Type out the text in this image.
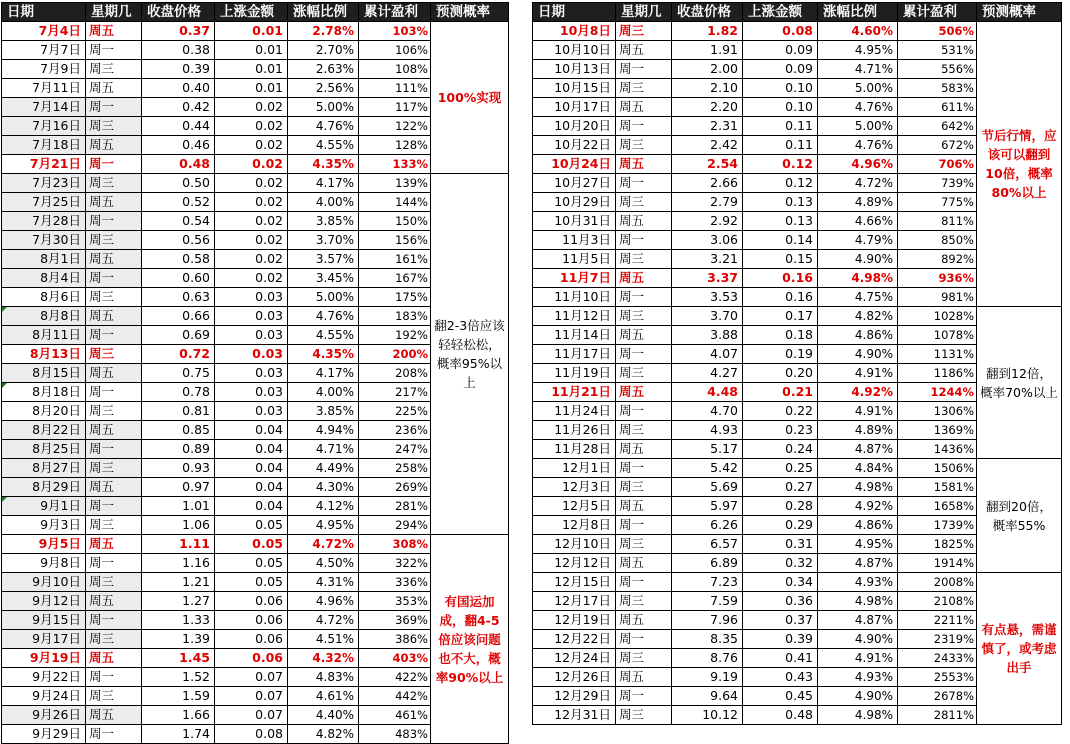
日期	星期几	收盘价格	上涨金额	涨幅比例	累计盈利	预测概率
7月4日	周五	0.37	0.01	2.78%	103%	100%实现
7月7日	周一	0.38	0.01	2.70%	106%	
7月9日	周三	0.39	0.01	2.63%	108%	
7月11日	周五	0.40	0.01	2.56%	111%	
7月14日	周一	0.42	0.02	5.00%	117%	
7月16日	周三	0.44	0.02	4.76%	122%	
7月18日	周五	0.46	0.02	4.55%	128%	
7月21日	周一	0.48	0.02	4.35%	133%	
7月23日	周三	0.50	0.02	4.17%	139%	翻2-3倍应该轻轻松松，概率95%以上
7月25日	周五	0.52	0.02	4.00%	144%	
7月28日	周一	0.54	0.02	3.85%	150%	
7月30日	周三	0.56	0.02	3.70%	156%	
8月1日	周五	0.58	0.02	3.57%	161%	
8月4日	周一	0.60	0.02	3.45%	167%	
8月6日	周三	0.63	0.03	5.00%	175%	
8月8日	周五	0.66	0.03	4.76%	183%	
8月11日	周一	0.69	0.03	4.55%	192%	
8月13日	周三	0.72	0.03	4.35%	200%	
8月15日	周五	0.75	0.03	4.17%	208%	
8月18日	周一	0.78	0.03	4.00%	217%	
8月20日	周三	0.81	0.03	3.85%	225%	
8月22日	周五	0.85	0.04	4.94%	236%	
8月25日	周一	0.89	0.04	4.71%	247%	
8月27日	周三	0.93	0.04	4.49%	258%	
8月29日	周五	0.97	0.04	4.30%	269%	
9月1日	周一	1.01	0.04	4.12%	281%	
9月3日	周三	1.06	0.05	4.95%	294%	
9月5日	周五	1.11	0.05	4.72%	308%	有国运加成，翻4-5倍应该问题也不大，概率90%以上
9月8日	周一	1.16	0.05	4.50%	322%	
9月10日	周三	1.21	0.05	4.31%	336%	
9月12日	周五	1.27	0.06	4.96%	353%	
9月15日	周一	1.33	0.06	4.72%	369%	
9月17日	周三	1.39	0.06	4.51%	386%	
9月19日	周五	1.45	0.06	4.32%	403%	
9月22日	周一	1.52	0.07	4.83%	422%	
9月24日	周三	1.59	0.07	4.61%	442%	
9月26日	周五	1.66	0.07	4.40%	461%	
9月29日	周一	1.74	0.08	4.82%	483%	
日期	星期几	收盘价格	上涨金额	涨幅比例	累计盈利	预测概率
10月8日	周三	1.82	0.08	4.60%	506%	节后行情，应该可以翻到10倍，概率80%以上
10月10日	周五	1.91	0.09	4.95%	531%	
10月13日	周一	2.00	0.09	4.71%	556%	
10月15日	周三	2.10	0.10	5.00%	583%	
10月17日	周五	2.20	0.10	4.76%	611%	
10月20日	周一	2.31	0.11	5.00%	642%	
10月22日	周三	2.42	0.11	4.76%	672%	
10月24日	周五	2.54	0.12	4.96%	706%	
10月27日	周一	2.66	0.12	4.72%	739%	
10月29日	周三	2.79	0.13	4.89%	775%	
10月31日	周五	2.92	0.13	4.66%	811%	
11月3日	周一	3.06	0.14	4.79%	850%	
11月5日	周三	3.21	0.15	4.90%	892%	
11月7日	周五	3.37	0.16	4.98%	936%	
11月10日	周一	3.53	0.16	4.75%	981%	
11月12日	周三	3.70	0.17	4.82%	1028%	翻到12倍，概率70%以上
11月14日	周五	3.88	0.18	4.86%	1078%	
11月17日	周一	4.07	0.19	4.90%	1131%	
11月19日	周三	4.27	0.20	4.91%	1186%	
11月21日	周五	4.48	0.21	4.92%	1244%	
11月24日	周一	4.70	0.22	4.91%	1306%	
11月26日	周三	4.93	0.23	4.89%	1369%	
11月28日	周五	5.17	0.24	4.87%	1436%	
12月1日	周一	5.42	0.25	4.84%	1506%	翻到20倍，概率55%
12月3日	周三	5.69	0.27	4.98%	1581%	
12月5日	周五	5.97	0.28	4.92%	1658%	
12月8日	周一	6.26	0.29	4.86%	1739%	
12月10日	周三	6.57	0.31	4.95%	1825%	
12月12日	周五	6.89	0.32	4.87%	1914%	
12月15日	周一	7.23	0.34	4.93%	2008%	有点悬，需谨慎了，或考虑出手
12月17日	周三	7.59	0.36	4.98%	2108%	
12月19日	周五	7.96	0.37	4.87%	2211%	
12月22日	周一	8.35	0.39	4.90%	2319%	
12月24日	周三	8.76	0.41	4.91%	2433%	
12月26日	周五	9.19	0.43	4.93%	2553%	
12月29日	周一	9.64	0.45	4.90%	2678%	
12月31日	周三	10.12	0.48	4.98%	2811%	
